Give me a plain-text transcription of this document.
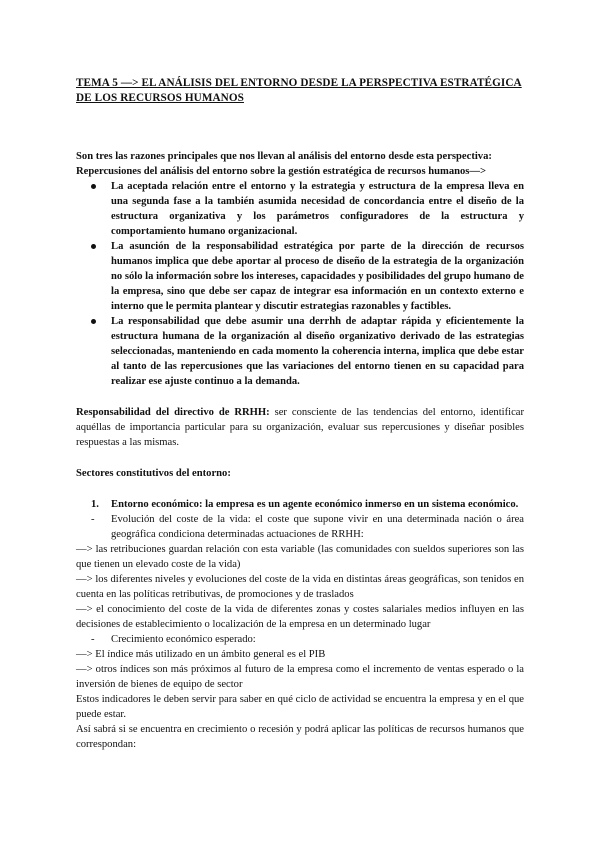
TEMA 5 —> EL ANÁLISIS DEL ENTORNO DESDE LA PERSPECTIVA ESTRATÉGICA DE LOS RECURSOS HUMANOS

Son tres las razones principales que nos llevan al análisis del entorno desde esta perspectiva:

Repercusiones del análisis del entorno sobre la gestión estratégica de recursos humanos—>

La aceptada relación entre el entorno y la estrategia y estructura de la empresa lleva en una segunda fase a la también asumida necesidad de concordancia entre el diseño de la estructura organizativa y los parámetros configuradores de la estructura y comportamiento humano organizacional.
La asunción de la responsabilidad estratégica por parte de la dirección de recursos humanos implica que debe aportar al proceso de diseño de la estrategia de la organización no sólo la información sobre los intereses, capacidades y posibilidades del grupo humano de la empresa, sino que debe ser capaz de integrar esa información en un contexto externo e interno que le permita plantear y discutir estrategias razonables y factibles.
La responsabilidad que debe asumir una derrhh de adaptar rápida y eficientemente la estructura humana de la organización al diseño organizativo derivado de las estrategias seleccionadas, manteniendo en cada momento la coherencia interna, implica que debe estar al tanto de las repercusiones que las variaciones del entorno tienen en su capacidad para realizar ese ajuste continuo a la demanda.

Responsabilidad del directivo de RRHH: ser consciente de las tendencias del entorno, identificar aquéllas de importancia particular para su organización, evaluar sus repercusiones y diseñar posibles respuestas a las mismas.

Sectores constitutivos del entorno:

1. Entorno económico: la empresa es un agente económico inmerso en un sistema económico.
- Evolución del coste de la vida: el coste que supone vivir en una determinada nación o área geográfica condiciona determinadas actuaciones de RRHH:

—> las retribuciones guardan relación con esta variable (las comunidades con sueldos superiores son las que tienen un elevado coste de la vida)

—> los diferentes niveles y evoluciones del coste de la vida en distintas áreas geográficas, son tenidos en cuenta en las políticas retributivas, de promociones y de traslados

—> el conocimiento del coste de la vida de diferentes zonas y costes salariales medios influyen en las decisiones de establecimiento o localización de la empresa en un determinado lugar

- Crecimiento económico esperado:

—> El índice más utilizado en un ámbito general es el PIB

—> otros índices son más próximos al futuro de la empresa como el incremento de ventas esperado o la inversión de bienes de equipo de sector

Estos indicadores le deben servir para saber en qué ciclo de actividad se encuentra la empresa y en el que puede estar.

Así sabrá si se encuentra en crecimiento o recesión y podrá aplicar las políticas de recursos humanos que correspondan:
